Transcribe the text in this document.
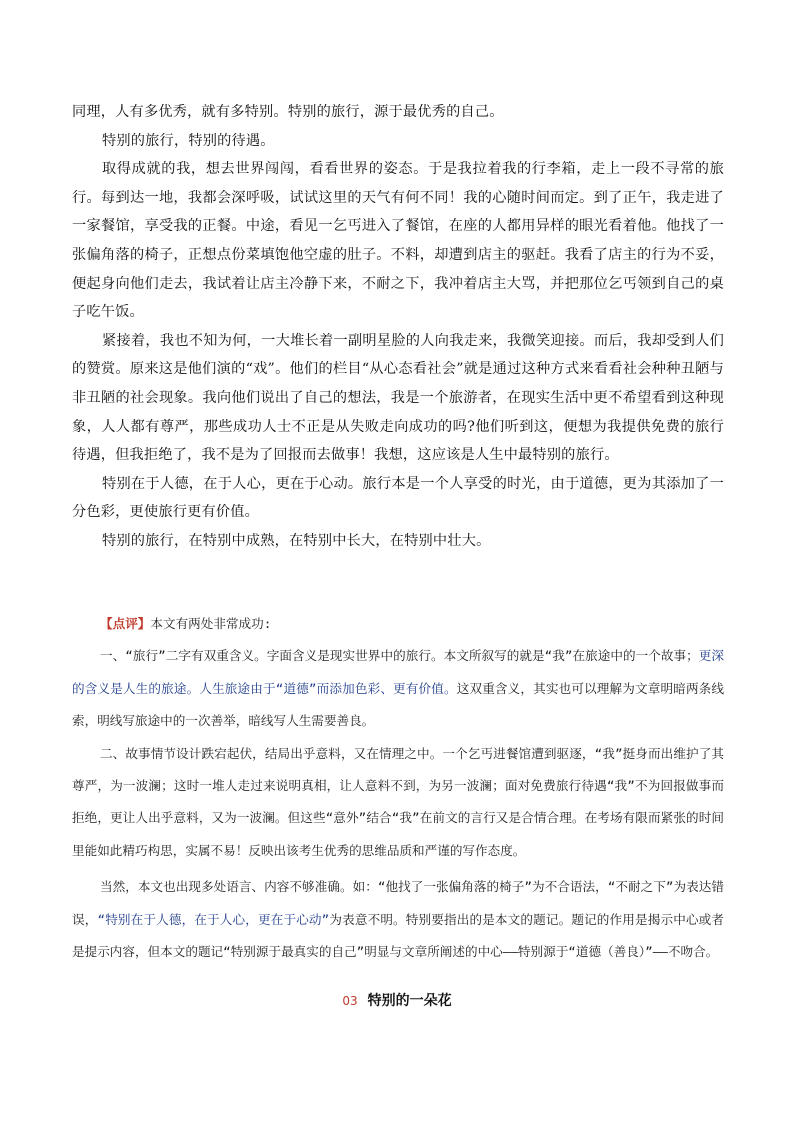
同理，人有多优秀，就有多特别。特别的旅行，源于最优秀的自己。

特别的旅行，特别的待遇。

取得成就的我，想去世界闯闯，看看世界的姿态。于是我拉着我的行李箱，走上一段不寻常的旅行。每到达一地，我都会深呼吸，试试这里的天气有何不同！我的心随时间而定。到了正午，我走进了一家餐馆，享受我的正餐。中途，看见一乞丐进入了餐馆，在座的人都用异样的眼光看着他。他找了一张偏角落的椅子，正想点份菜填饱他空虚的肚子。不料，却遭到店主的驱赶。我看了店主的行为不妥，便起身向他们走去，我试着让店主冷静下来，不耐之下，我冲着店主大骂，并把那位乞丐领到自己的桌子吃午饭。

紧接着，我也不知为何，一大堆长着一副明星脸的人向我走来，我微笑迎接。而后，我却受到人们的赞赏。原来这是他们演的“戏”。他们的栏目“从心态看社会”就是通过这种方式来看看社会种种丑陋与非丑陋的社会现象。我向他们说出了自己的想法，我是一个旅游者，在现实生活中更不希望看到这种现象，人人都有尊严，那些成功人士不正是从失败走向成功的吗?他们听到这，便想为我提供免费的旅行待遇，但我拒绝了，我不是为了回报而去做事！我想，这应该是人生中最特别的旅行。

特别在于人德，在于人心，更在于心动。旅行本是一个人享受的时光，由于道德，更为其添加了一分色彩，更使旅行更有价值。

特别的旅行，在特别中成熟，在特别中长大，在特别中壮大。

【点评】本文有两处非常成功:

一、“旅行”二字有双重含义。字面含义是现实世界中的旅行。本文所叙写的就是“我”在旅途中的一个故事；更深的含义是人生的旅途。人生旅途由于“道德”而添加色彩、更有价值。这双重含义，其实也可以理解为文章明暗两条线索，明线写旅途中的一次善举，暗线写人生需要善良。

二、故事情节设计跌宕起伏，结局出乎意料，又在情理之中。一个乞丐进餐馆遭到驱逐，“我”挺身而出维护了其尊严，为一波澜；这时一堆人走过来说明真相，让人意料不到，为另一波澜；面对免费旅行待遇“我”不为回报做事而拒绝，更让人出乎意料，又为一波澜。但这些“意外”结合“我”在前文的言行又是合情合理。在考场有限而紧张的时间里能如此精巧构思，实属不易！反映出该考生优秀的思维品质和严谨的写作态度。

当然，本文也出现多处语言、内容不够准确。如：“他找了一张偏角落的椅子”为不合语法，“不耐之下”为表达错误，“特别在于人德，在于人心，更在于心动”为表意不明。特别要指出的是本文的题记。题记的作用是揭示中心或者是提示内容，但本文的题记“特别源于最真实的自己”明显与文章所阐述的中心——特别源于“道德（善良）”——不吻合。

03 特别的一朵花
